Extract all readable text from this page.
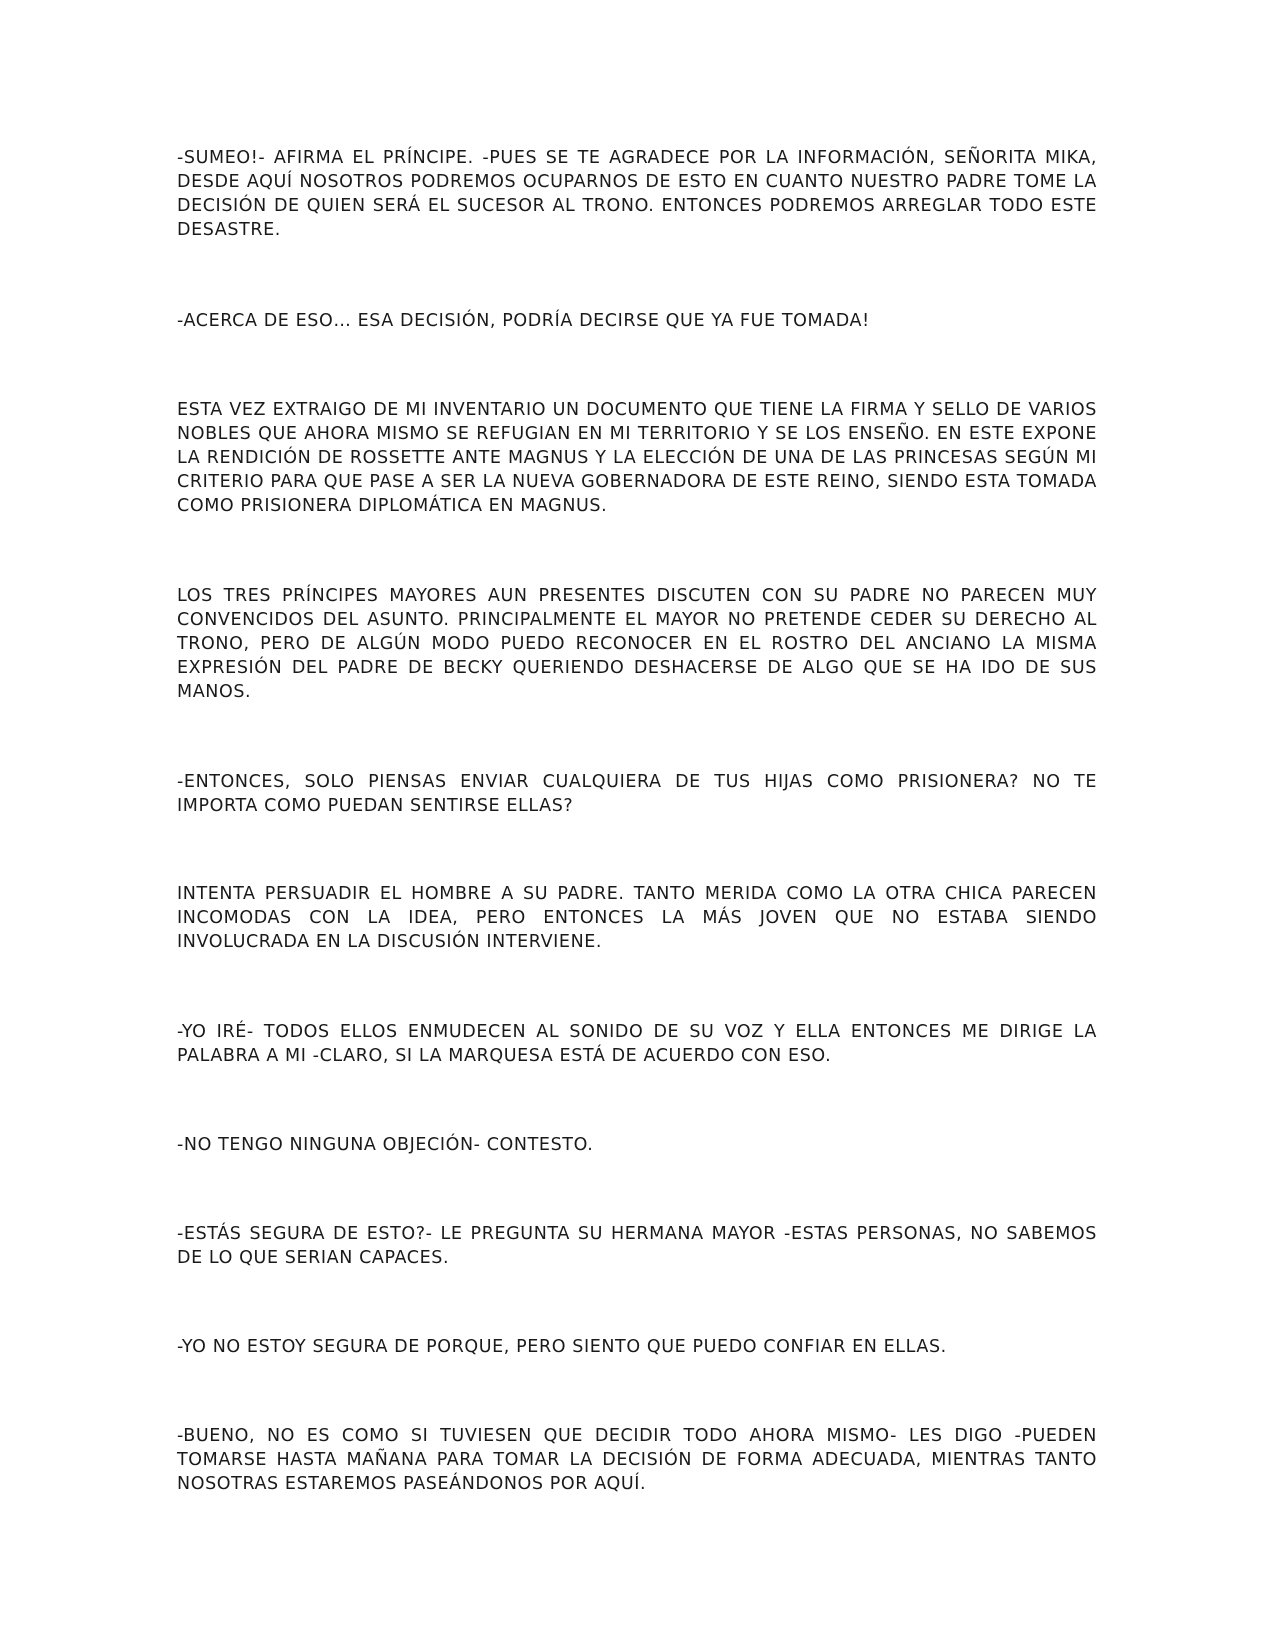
-SUMEO!- AFIRMA EL PRÍNCIPE. -PUES SE TE AGRADECE POR LA INFORMACIÓN, SEÑORITA MIKA, DESDE AQUÍ NOSOTROS PODREMOS OCUPARNOS DE ESTO EN CUANTO NUESTRO PADRE TOME LA DECISIÓN DE QUIEN SERÁ EL SUCESOR AL TRONO. ENTONCES PODREMOS ARREGLAR TODO ESTE DESASTRE.

-ACERCA DE ESO… ESA DECISIÓN, PODRÍA DECIRSE QUE YA FUE TOMADA!

ESTA VEZ EXTRAIGO DE MI INVENTARIO UN DOCUMENTO QUE TIENE LA FIRMA Y SELLO DE VARIOS NOBLES QUE AHORA MISMO SE REFUGIAN EN MI TERRITORIO Y SE LOS ENSEÑO. EN ESTE EXPONE LA RENDICIÓN DE ROSSETTE ANTE MAGNUS Y LA ELECCIÓN DE UNA DE LAS PRINCESAS SEGÚN MI CRITERIO PARA QUE PASE A SER LA NUEVA GOBERNADORA DE ESTE REINO, SIENDO ESTA TOMADA COMO PRISIONERA DIPLOMÁTICA EN MAGNUS.

LOS TRES PRÍNCIPES MAYORES AUN PRESENTES DISCUTEN CON SU PADRE NO PARECEN MUY CONVENCIDOS DEL ASUNTO. PRINCIPALMENTE EL MAYOR NO PRETENDE CEDER SU DERECHO AL TRONO, PERO DE ALGÚN MODO PUEDO RECONOCER EN EL ROSTRO DEL ANCIANO LA MISMA EXPRESIÓN DEL PADRE DE BECKY QUERIENDO DESHACERSE DE ALGO QUE SE HA IDO DE SUS MANOS.

-ENTONCES, SOLO PIENSAS ENVIAR CUALQUIERA DE TUS HIJAS COMO PRISIONERA? NO TE IMPORTA COMO PUEDAN SENTIRSE ELLAS?

INTENTA PERSUADIR EL HOMBRE A SU PADRE. TANTO MERIDA COMO LA OTRA CHICA PARECEN INCOMODAS CON LA IDEA, PERO ENTONCES LA MÁS JOVEN QUE NO ESTABA SIENDO INVOLUCRADA EN LA DISCUSIÓN INTERVIENE.

-YO IRÉ- TODOS ELLOS ENMUDECEN AL SONIDO DE SU VOZ Y ELLA ENTONCES ME DIRIGE LA PALABRA A MI -CLARO, SI LA MARQUESA ESTÁ DE ACUERDO CON ESO.

-NO TENGO NINGUNA OBJECIÓN- CONTESTO.

-ESTÁS SEGURA DE ESTO?- LE PREGUNTA SU HERMANA MAYOR -ESTAS PERSONAS, NO SABEMOS DE LO QUE SERIAN CAPACES.

-YO NO ESTOY SEGURA DE PORQUE, PERO SIENTO QUE PUEDO CONFIAR EN ELLAS.

-BUENO, NO ES COMO SI TUVIESEN QUE DECIDIR TODO AHORA MISMO- LES DIGO -PUEDEN TOMARSE HASTA MAÑANA PARA TOMAR LA DECISIÓN DE FORMA ADECUADA, MIENTRAS TANTO NOSOTRAS ESTAREMOS PASEÁNDONOS POR AQUÍ.
